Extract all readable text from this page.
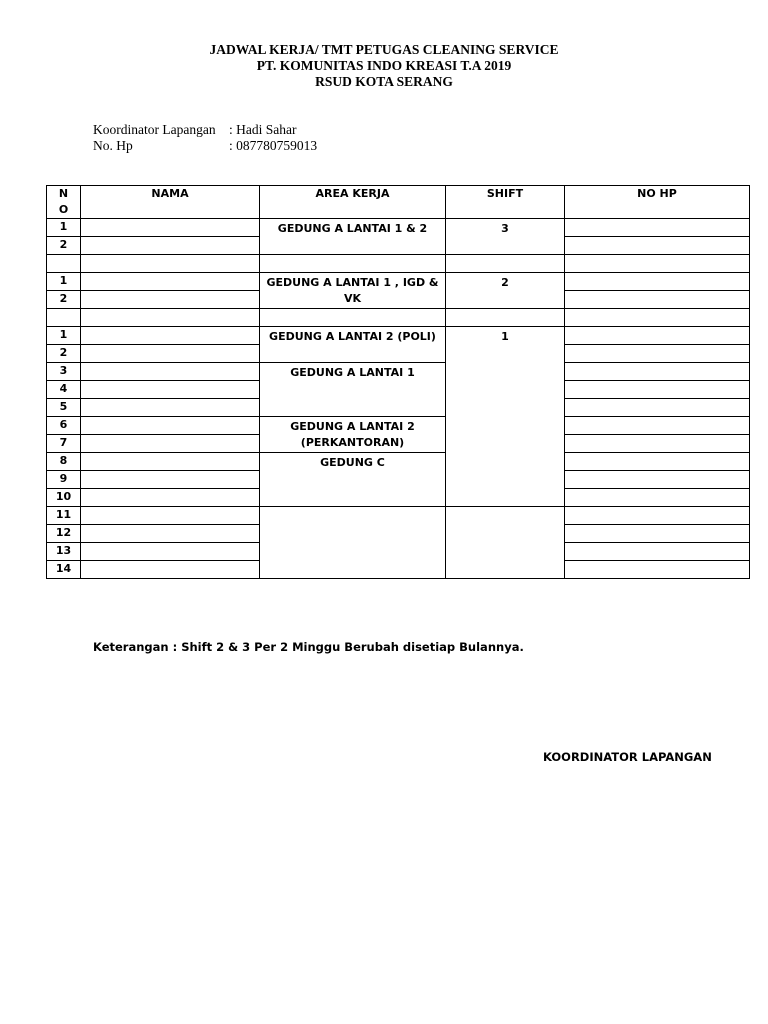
JADWAL KERJA/ TMT PETUGAS CLEANING SERVICE
PT. KOMUNITAS INDO KREASI T.A 2019
RSUD KOTA SERANG
Koordinator Lapangan : Hadi Sahar
No. Hp	: 087780759013
N
O	NAMA	AREA KERJA	SHIFT	NO HP
1		GEDUNG A LANTAI 1 & 2	3	
2				

1		GEDUNG A LANTAI 1 , IGD & VK	2	
2				

1		GEDUNG A LANTAI 2 (POLI)	1	
2				
3		GEDUNG A LANTAI 1		
4				
5				
6		GEDUNG A LANTAI 2 (PERKANTORAN)		
7				
8		GEDUNG C		
9				
10				
11				
12				
13				
14				
Keterangan : Shift 2 & 3 Per 2 Minggu Berubah disetiap Bulannya.
KOORDINATOR LAPANGAN
